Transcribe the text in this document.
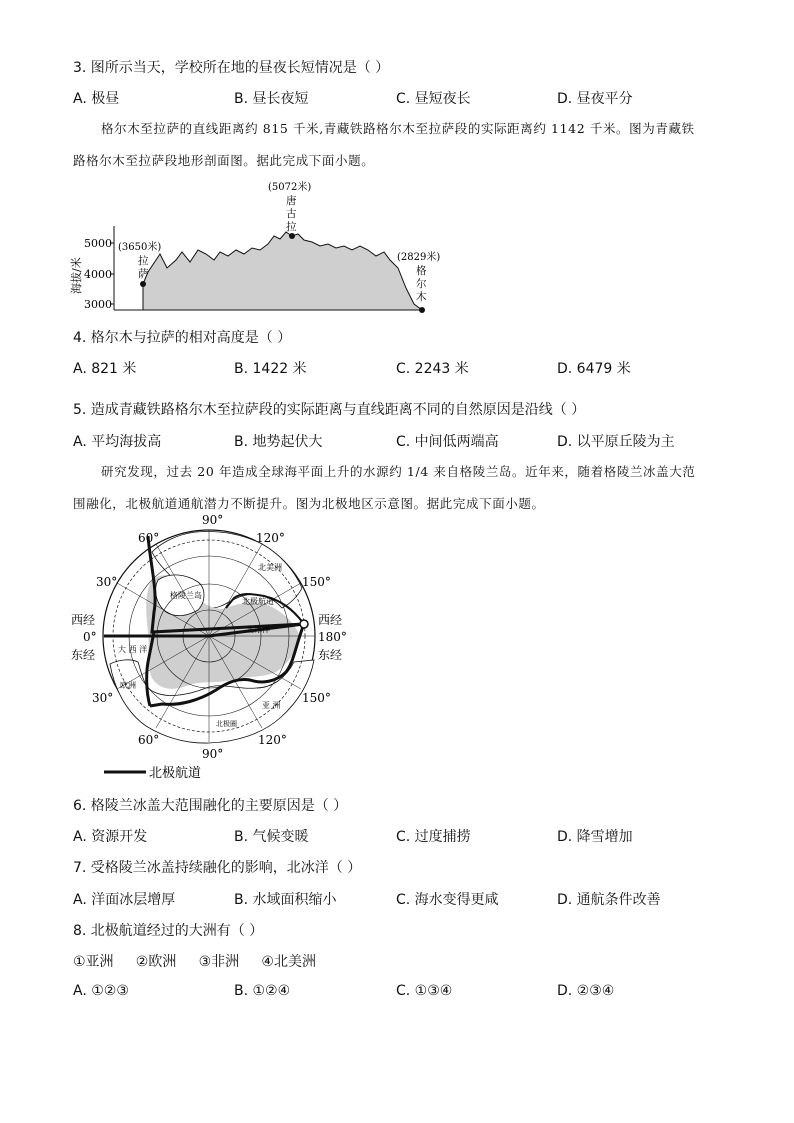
3. 图所示当天，学校所在地的昼夜长短情况是（ ）
A. 极昼	B. 昼长夜短	C. 昼短夜长	D. 昼夜平分
格尔木至拉萨的直线距离约 815 千米,青藏铁路格尔木至拉萨段的实际距离约 1142 千米。图为青藏铁
路格尔木至拉萨段地形剖面图。据此完成下面小题。
5000
4000
3000
海拔/米
(5072米)
唐
古
拉
(3650米)
拉
萨
(2829米)
格
尔
木
4. 格尔木与拉萨的相对高度是（ ）
A. 821 米	B. 1422 米	C. 2243 米	D. 6479 米
5. 造成青藏铁路格尔木至拉萨段的实际距离与直线距离不同的自然原因是沿线（ ）
A. 平均海拔高	B. 地势起伏大	C. 中间低两端高	D. 以平原丘陵为主
研究发现，过去 20 年造成全球海平面上升的水源约 1/4 来自格陵兰岛。近年来，随着格陵兰冰盖大范
围融化，北极航道通航潜力不断提升。图为北极地区示意图。据此完成下面小题。
90°
60°	120°
30°	150°
西经
0°
东经
西经
180°
东经
30°	150°
60°	120°
90°
格陵兰岛
北极航道
北冰洋
北美洲
亚 洲
北极圈
大 西 洋
欧洲
北极航道
6. 格陵兰冰盖大范围融化的主要原因是（ ）
A. 资源开发	B. 气候变暖	C. 过度捕捞	D. 降雪增加
7. 受格陵兰冰盖持续融化的影响，北冰洋（ ）
A. 洋面冰层增厚	B. 水域面积缩小	C. 海水变得更咸	D. 通航条件改善
8. 北极航道经过的大洲有（ ）
①亚洲     ②欧洲     ③非洲     ④北美洲
A. ①②③	B. ①②④	C. ①③④	D. ②③④
